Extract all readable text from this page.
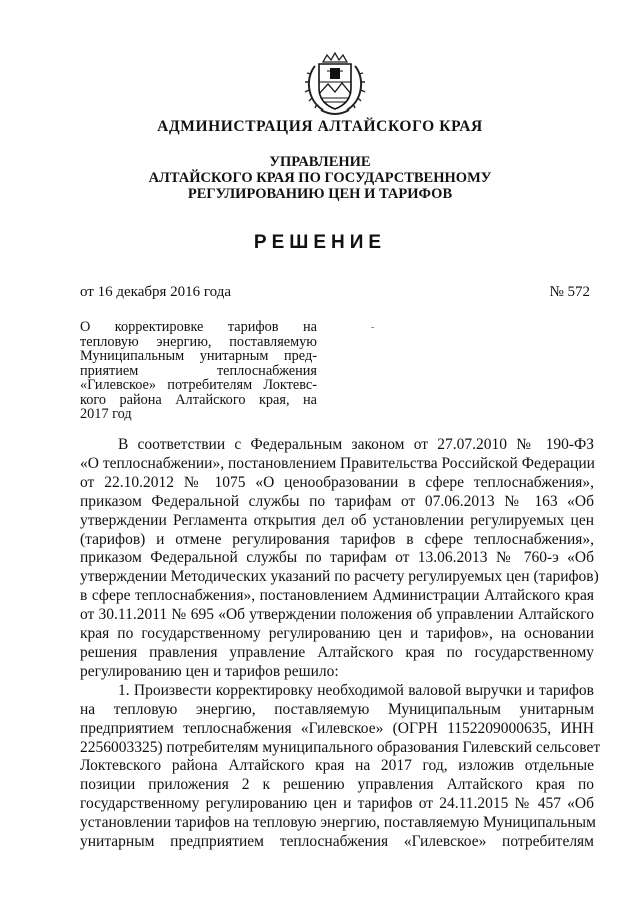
АДМИНИСТРАЦИЯ АЛТАЙСКОГО КРАЯ
УПРАВЛЕНИЕ
АЛТАЙСКОГО КРАЯ ПО ГОСУДАРСТВЕННОМУ
РЕГУЛИРОВАНИЮ ЦЕН И ТАРИФОВ
РЕШЕНИЕ
от 16 декабря 2016 года	№ 572
О корректировке тарифов на
тепловую энергию, поставляемую
Муниципальным унитарным пред-
приятием теплоснабжения
«Гилевское» потребителям Локтевс-
кого района Алтайского края, на
2017 год
-
В соответствии с Федеральным законом от 27.07.2010 № 190-ФЗ
«О теплоснабжении», постановлением Правительства Российской Федерации
от 22.10.2012 № 1075 «О ценообразовании в сфере теплоснабжения»,
приказом Федеральной службы по тарифам от 07.06.2013 № 163 «Об
утверждении Регламента открытия дел об установлении регулируемых цен
(тарифов) и отмене регулирования тарифов в сфере теплоснабжения»,
приказом Федеральной службы по тарифам от 13.06.2013 № 760-э «Об
утверждении Методических указаний по расчету регулируемых цен (тарифов)
в сфере теплоснабжения», постановлением Администрации Алтайского края
от 30.11.2011 № 695 «Об утверждении положения об управлении Алтайского
края по государственному регулированию цен и тарифов», на основании
решения правления управление Алтайского края по государственному
регулированию цен и тарифов решило:
1. Произвести корректировку необходимой валовой выручки и тарифов
на тепловую энергию, поставляемую Муниципальным унитарным
предприятием теплоснабжения «Гилевское» (ОГРН 1152209000635, ИНН
2256003325) потребителям муниципального образования Гилевский сельсовет
Локтевского района Алтайского края на 2017 год, изложив отдельные
позиции приложения 2 к решению управления Алтайского края по
государственному регулированию цен и тарифов от 24.11.2015 № 457 «Об
установлении тарифов на тепловую энергию, поставляемую Муниципальным
унитарным предприятием теплоснабжения «Гилевское» потребителям
